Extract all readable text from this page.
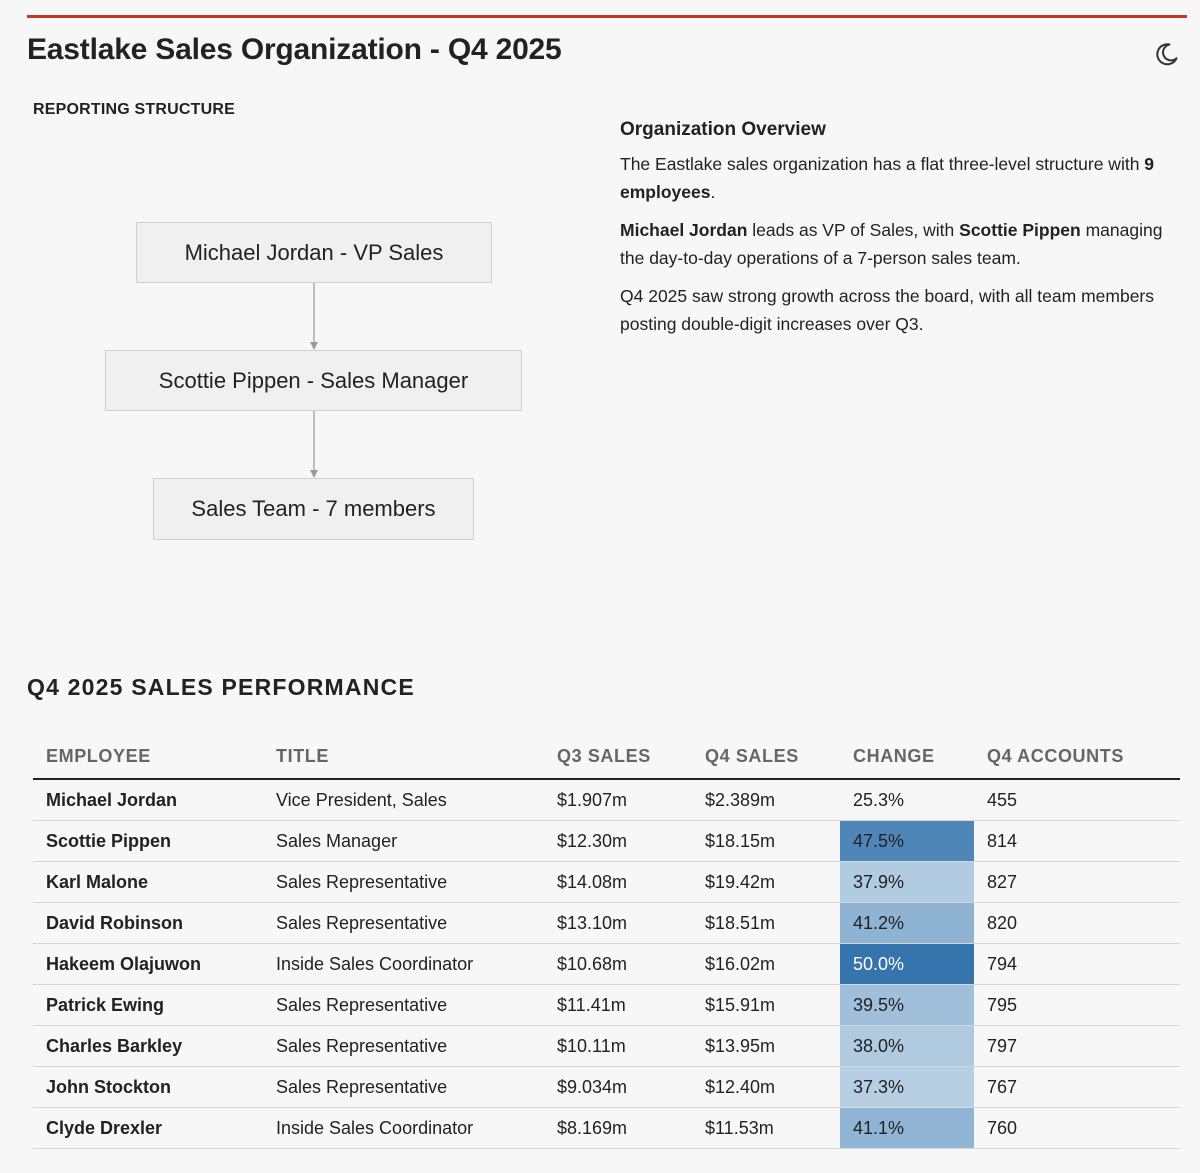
Eastlake Sales Organization - Q4 2025
REPORTING STRUCTURE
Michael Jordan - VP Sales
Scottie Pippen - Sales Manager
Sales Team - 7 members
Organization Overview

The Eastlake sales organization has a flat three-level structure with 9 employees.

Michael Jordan leads as VP of Sales, with Scottie Pippen managing the day-to-day operations of a 7-person sales team.

Q4 2025 saw strong growth across the board, with all team members posting double-digit increases over Q3.

Q4 2025 SALES PERFORMANCE
EMPLOYEE	TITLE	Q3 SALES	Q4 SALES	CHANGE	Q4 ACCOUNTS
Michael Jordan	Vice President, Sales	$1.907m	$2.389m	25.3%	455
Scottie Pippen	Sales Manager	$12.30m	$18.15m	47.5%	814
Karl Malone	Sales Representative	$14.08m	$19.42m	37.9%	827
David Robinson	Sales Representative	$13.10m	$18.51m	41.2%	820
Hakeem Olajuwon	Inside Sales Coordinator	$10.68m	$16.02m	50.0%	794
Patrick Ewing	Sales Representative	$11.41m	$15.91m	39.5%	795
Charles Barkley	Sales Representative	$10.11m	$13.95m	38.0%	797
John Stockton	Sales Representative	$9.034m	$12.40m	37.3%	767
Clyde Drexler	Inside Sales Coordinator	$8.169m	$11.53m	41.1%	760
